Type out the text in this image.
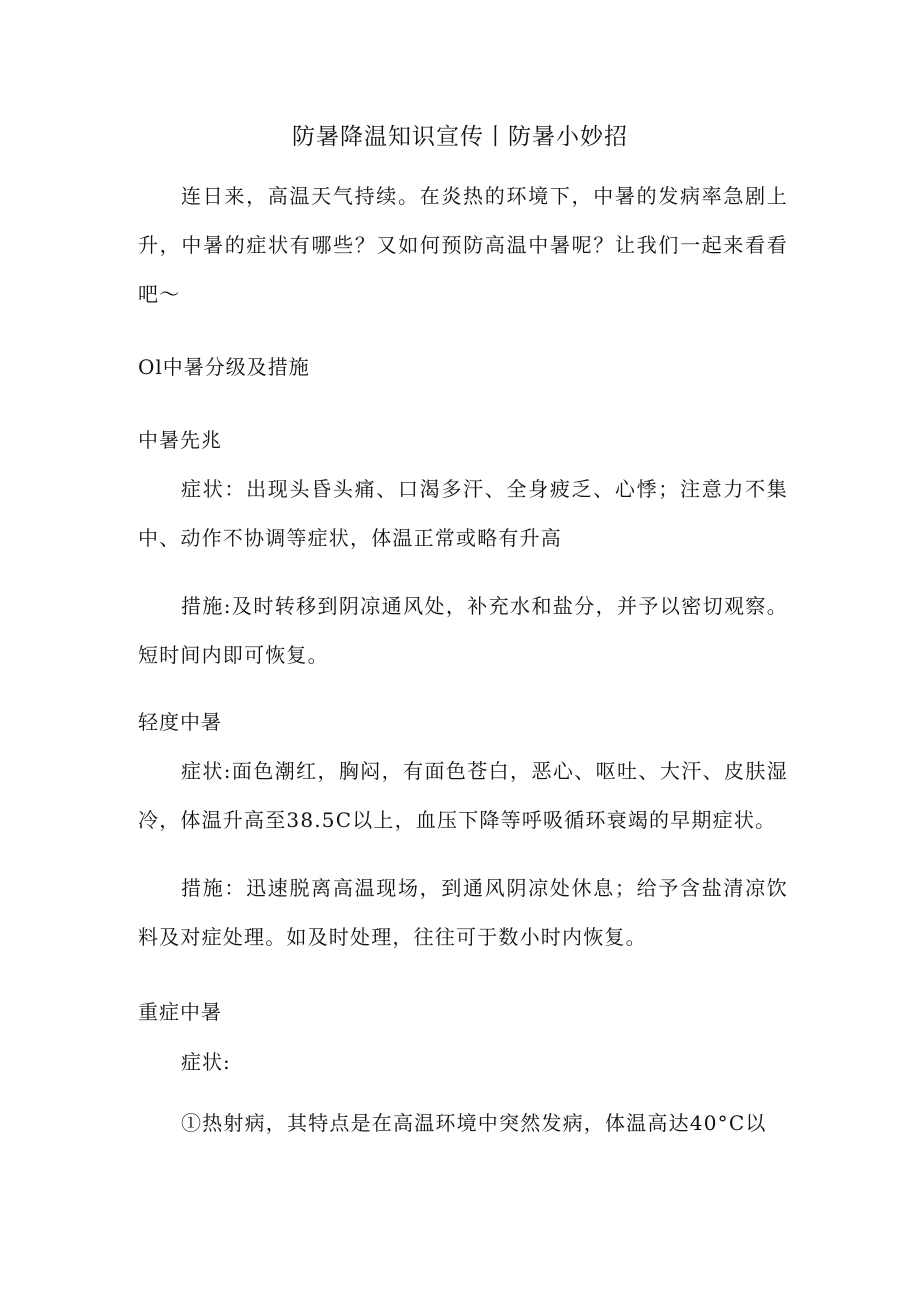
防暑降温知识宣传丨防暑小妙招

连日来，高温天气持续。在炎热的环境下，中暑的发病率急剧上升，中暑的症状有哪些？又如何预防高温中暑呢？让我们一起来看看吧～

Ol中暑分级及措施

中暑先兆

症状：出现头昏头痛、口渴多汗、全身疲乏、心悸；注意力不集中、动作不协调等症状，体温正常或略有升高

措施:及时转移到阴凉通风处，补充水和盐分，并予以密切观察。短时间内即可恢复。

轻度中暑

症状:面色潮红，胸闷，有面色苍白，恶心、呕吐、大汗、皮肤湿冷，体温升高至38.5C以上，血压下降等呼吸循环衰竭的早期症状。

措施：迅速脱离高温现场，到通风阴凉处休息；给予含盐清凉饮料及对症处理。如及时处理，往往可于数小时内恢复。

重症中暑

症状:

①热射病，其特点是在高温环境中突然发病，体温高达40°C以
